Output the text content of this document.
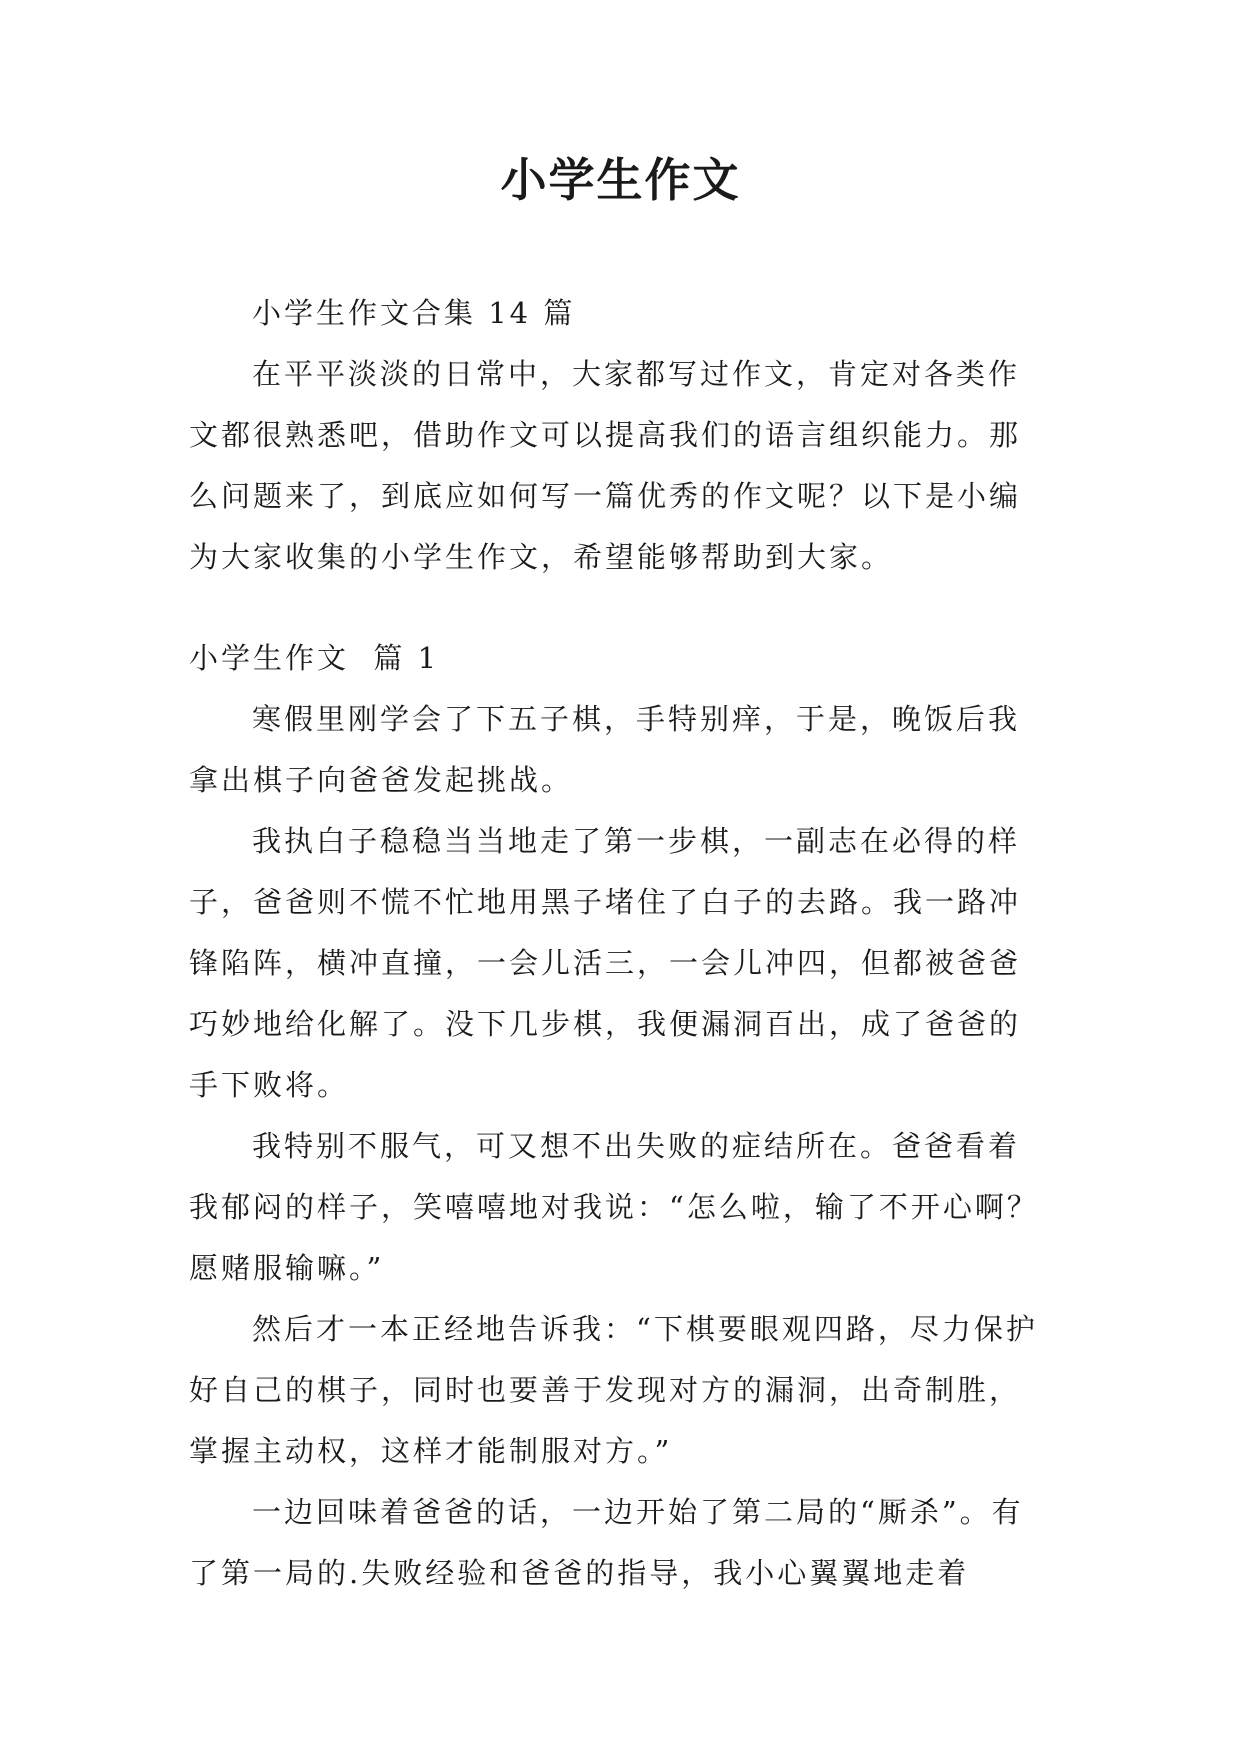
小学生作文

小学生作文合集 14 篇

在平平淡淡的日常中，大家都写过作文，肯定对各类作文都很熟悉吧，借助作文可以提高我们的语言组织能力。那么问题来了，到底应如何写一篇优秀的作文呢？以下是小编为大家收集的小学生作文，希望能够帮助到大家。

小学生作文  篇 1

寒假里刚学会了下五子棋，手特别痒，于是，晚饭后我拿出棋子向爸爸发起挑战。

我执白子稳稳当当地走了第一步棋，一副志在必得的样子，爸爸则不慌不忙地用黑子堵住了白子的去路。我一路冲锋陷阵，横冲直撞，一会儿活三，一会儿冲四，但都被爸爸巧妙地给化解了。没下几步棋，我便漏洞百出，成了爸爸的手下败将。

我特别不服气，可又想不出失败的症结所在。爸爸看着我郁闷的样子，笑嘻嘻地对我说：“怎么啦，输了不开心啊？愿赌服输嘛。”

然后才一本正经地告诉我：“下棋要眼观四路，尽力保护好自己的棋子，同时也要善于发现对方的漏洞，出奇制胜，掌握主动权，这样才能制服对方。”

一边回味着爸爸的话，一边开始了第二局的“厮杀”。有了第一局的.失败经验和爸爸的指导，我小心翼翼地走着
